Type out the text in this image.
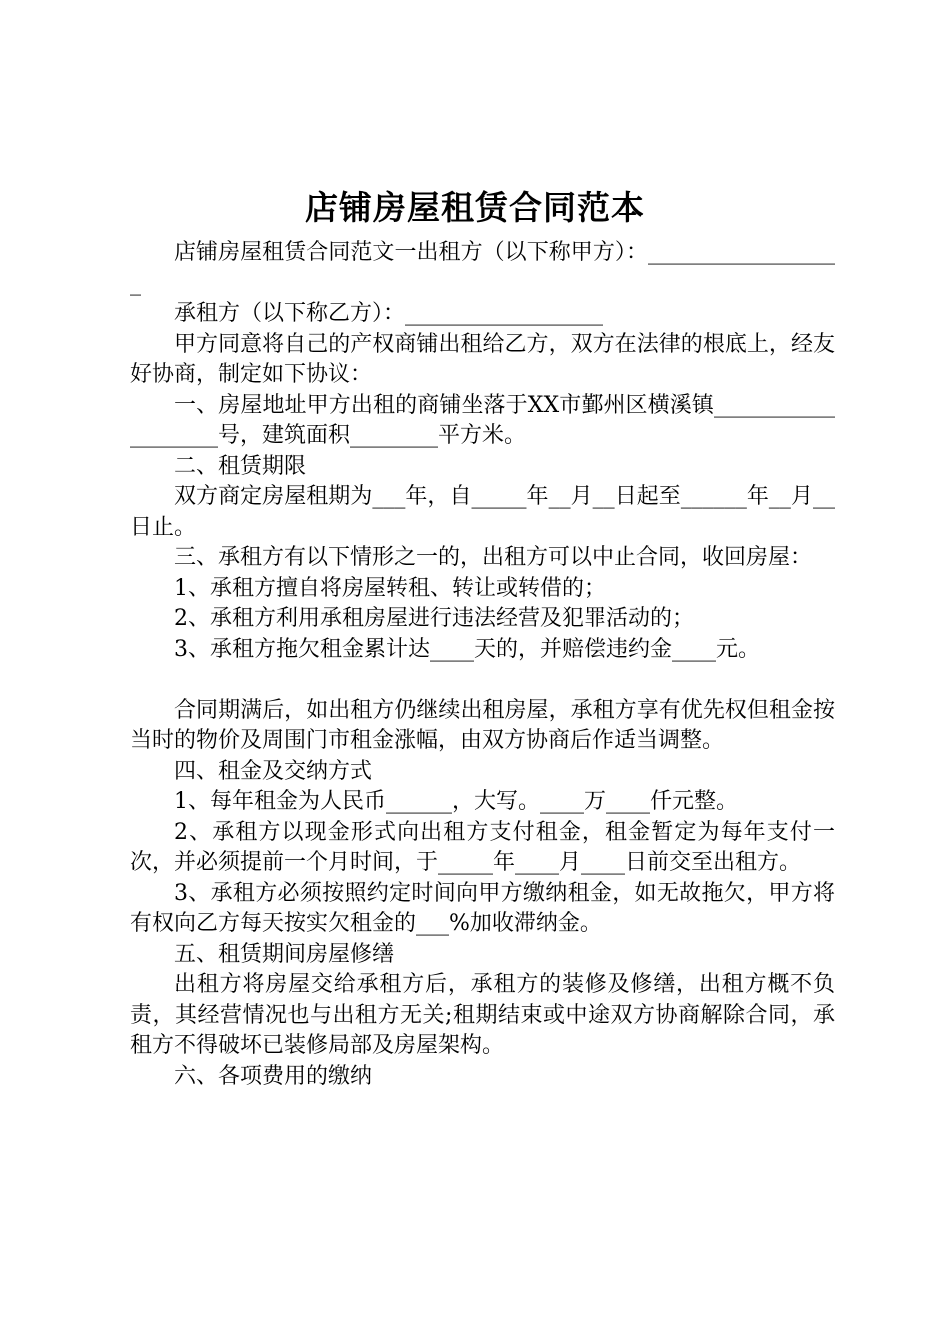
店铺房屋租赁合同范本

店铺房屋租赁合同范文一出租方（以下称甲方）：__________________

承租方（以下称乙方）：__________________

甲方同意将自己的产权商铺出租给乙方，双方在法律的根底上，经友好协商，制定如下协议：

一、房屋地址甲方出租的商铺坐落于XX市鄞州区横溪镇___________________号，建筑面积________平方米。

二、租赁期限

双方商定房屋租期为___年，自_____年__月__日起至______年__月__日止。

三、承租方有以下情形之一的，出租方可以中止合同，收回房屋：

1、承租方擅自将房屋转租、转让或转借的；

2、承租方利用承租房屋进行违法经营及犯罪活动的；

3、承租方拖欠租金累计达____天的，并赔偿违约金____元。

合同期满后，如出租方仍继续出租房屋，承租方享有优先权但租金按当时的物价及周围门市租金涨幅，由双方协商后作适当调整。

四、租金及交纳方式

1、每年租金为人民币______，大写。____万____仟元整。

2、承租方以现金形式向出租方支付租金，租金暂定为每年支付一次，并必须提前一个月时间，于_____年____月____日前交至出租方。

3、承租方必须按照约定时间向甲方缴纳租金，如无故拖欠，甲方将有权向乙方每天按实欠租金的___%加收滞纳金。

五、租赁期间房屋修缮

出租方将房屋交给承租方后，承租方的装修及修缮，出租方概不负责，其经营情况也与出租方无关;租期结束或中途双方协商解除合同，承租方不得破坏已装修局部及房屋架构。

六、各项费用的缴纳
